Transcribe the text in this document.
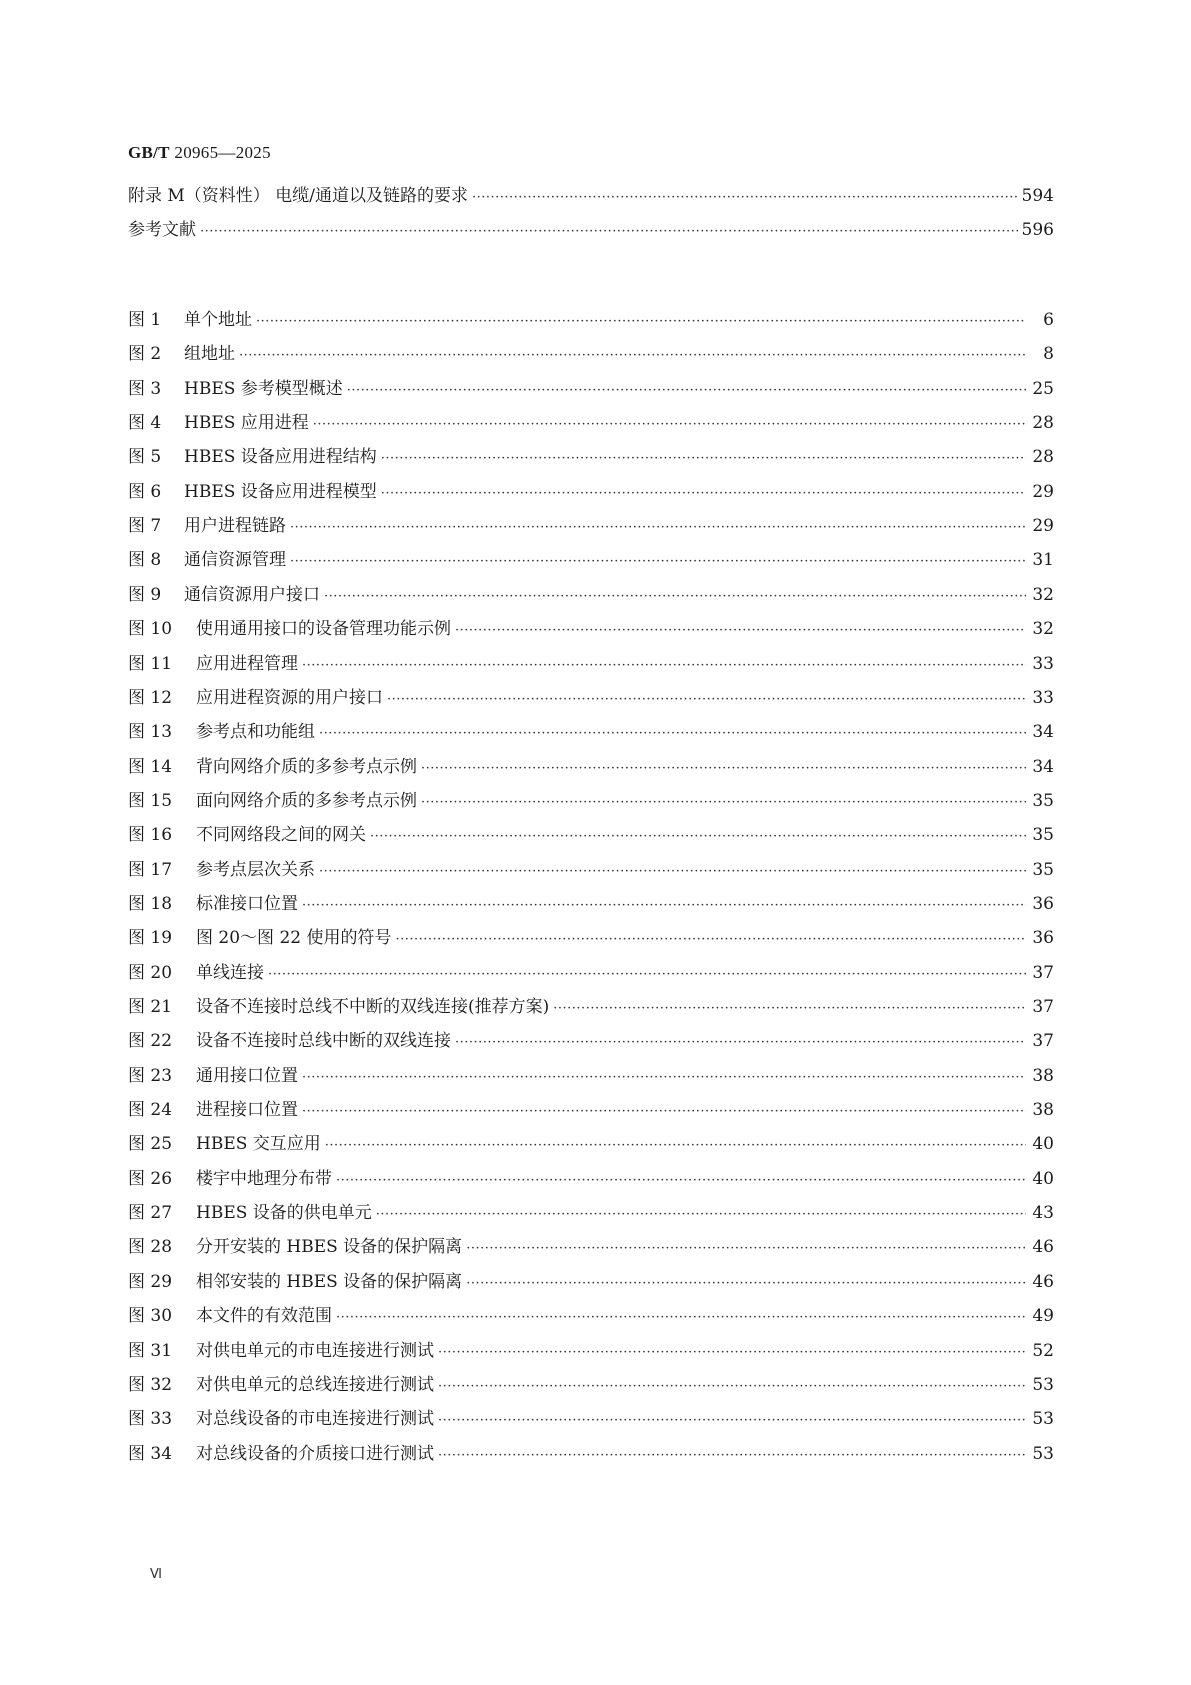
GB/T 20965—2025
附录 M（资料性） 电缆/通道以及链路的要求 ·····	594
参考文献 ·····	596
图 1	单个地址 ·····	6
图 2	组地址 ·····	8
图 3	HBES 参考模型概述 ·····	25
图 4	HBES 应用进程 ·····	28
图 5	HBES 设备应用进程结构 ·····	28
图 6	HBES 设备应用进程模型 ·····	29
图 7	用户进程链路 ·····	29
图 8	通信资源管理 ·····	31
图 9	通信资源用户接口 ·····	32
图 10	使用通用接口的设备管理功能示例 ·····	32
图 11	应用进程管理 ·····	33
图 12	应用进程资源的用户接口 ·····	33
图 13	参考点和功能组 ·····	34
图 14	背向网络介质的多参考点示例 ·····	34
图 15	面向网络介质的多参考点示例 ·····	35
图 16	不同网络段之间的网关 ·····	35
图 17	参考点层次关系 ·····	35
图 18	标准接口位置 ·····	36
图 19	图 20～图 22 使用的符号 ·····	36
图 20	单线连接 ·····	37
图 21	设备不连接时总线不中断的双线连接(推荐方案) ·····	37
图 22	设备不连接时总线中断的双线连接 ·····	37
图 23	通用接口位置 ·····	38
图 24	进程接口位置 ·····	38
图 25	HBES 交互应用 ·····	40
图 26	楼宇中地理分布带 ·····	40
图 27	HBES 设备的供电单元 ·····	43
图 28	分开安装的 HBES 设备的保护隔离 ·····	46
图 29	相邻安装的 HBES 设备的保护隔离 ·····	46
图 30	本文件的有效范围 ·····	49
图 31	对供电单元的市电连接进行测试 ·····	52
图 32	对供电单元的总线连接进行测试 ·····	53
图 33	对总线设备的市电连接进行测试 ·····	53
图 34	对总线设备的介质接口进行测试 ·····	53
Ⅵ
